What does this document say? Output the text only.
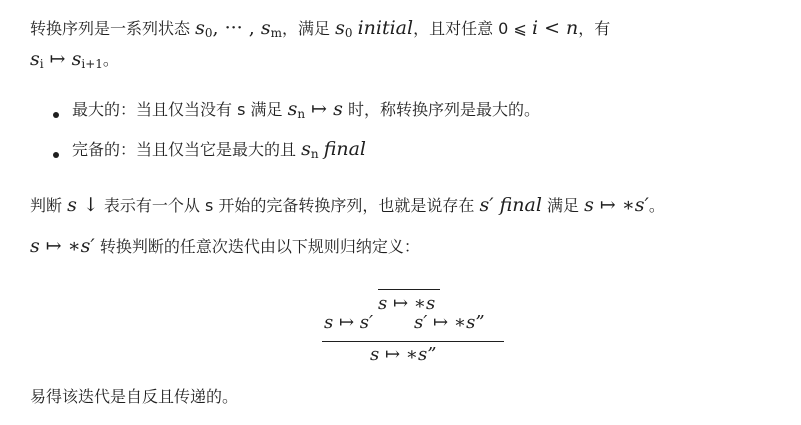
转换序列是一系列状态 $s_0$, ··· , $s_m$，满足 $s_0$ initial，且对任意 0 ⩽ i < n，有
$s_i$ ↦ $s_{i+1}$。
最大的：当且仅当没有 s 满足 $s_n$ ↦ s 时，称转换序列是最大的。
完备的：当且仅当它是最大的且 $s_n$ final
判断 s ↓ 表示有一个从 s 开始的完备转换序列，也就是说存在 s′ final 满足 s ↦ ∗s′。
s ↦ ∗s′ 转换判断的任意次迭代由以下规则归纳定义：
s ↦ ∗s
s ↦ s′ s′ ↦ ∗s”
s ↦ ∗s”
易得该迭代是自反且传递的。
